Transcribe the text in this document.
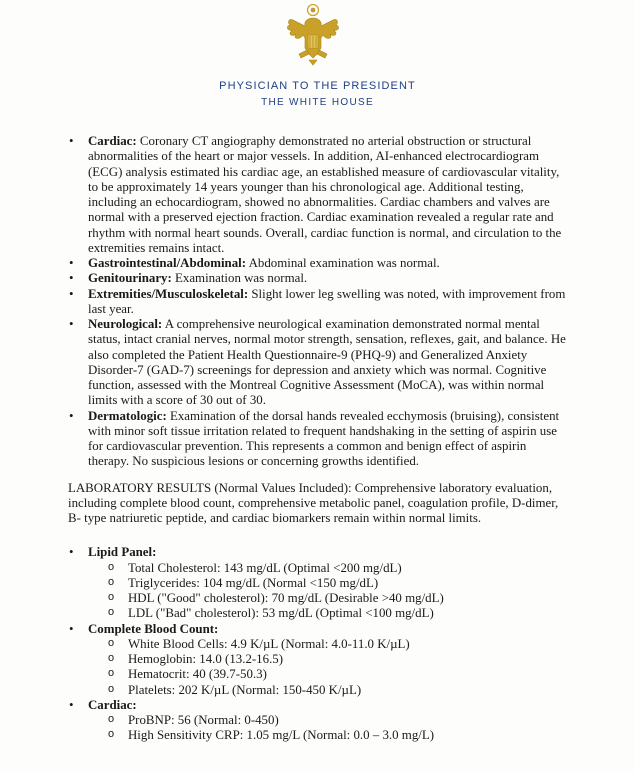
PHYSICIAN TO THE PRESIDENT
THE WHITE HOUSE
• Cardiac: Coronary CT angiography demonstrated no arterial obstruction or structural abnormalities of the heart or major vessels. In addition, AI-enhanced electrocardiogram (ECG) analysis estimated his cardiac age, an established measure of cardiovascular vitality, to be approximately 14 years younger than his chronological age. Additional testing, including an echocardiogram, showed no abnormalities. Cardiac chambers and valves are normal with a preserved ejection fraction. Cardiac examination revealed a regular rate and rhythm with normal heart sounds. Overall, cardiac function is normal, and circulation to the extremities remains intact.
• Gastrointestinal/Abdominal: Abdominal examination was normal.
• Genitourinary: Examination was normal.
• Extremities/Musculoskeletal: Slight lower leg swelling was noted, with improvement from last year.
• Neurological: A comprehensive neurological examination demonstrated normal mental status, intact cranial nerves, normal motor strength, sensation, reflexes, gait, and balance. He also completed the Patient Health Questionnaire-9 (PHQ-9) and Generalized Anxiety Disorder-7 (GAD-7) screenings for depression and anxiety which was normal. Cognitive function, assessed with the Montreal Cognitive Assessment (MoCA), was within normal limits with a score of 30 out of 30.
• Dermatologic: Examination of the dorsal hands revealed ecchymosis (bruising), consistent with minor soft tissue irritation related to frequent handshaking in the setting of aspirin use for cardiovascular prevention. This represents a common and benign effect of aspirin therapy. No suspicious lesions or concerning growths identified.

LABORATORY RESULTS (Normal Values Included): Comprehensive laboratory evaluation, including complete blood count, comprehensive metabolic panel, coagulation profile, D-dimer, B- type natriuretic peptide, and cardiac biomarkers remain within normal limits.

• Lipid Panel:
o Total Cholesterol: 143 mg/dL (Optimal <200 mg/dL)
o Triglycerides: 104 mg/dL (Normal <150 mg/dL)
o HDL ("Good" cholesterol): 70 mg/dL (Desirable >40 mg/dL)
o LDL ("Bad" cholesterol): 53 mg/dL (Optimal <100 mg/dL)
• Complete Blood Count:
o White Blood Cells: 4.9 K/µL (Normal: 4.0-11.0 K/µL)
o Hemoglobin: 14.0 (13.2-16.5)
o Hematocrit: 40 (39.7-50.3)
o Platelets: 202 K/µL (Normal: 150-450 K/µL)
• Cardiac:
o ProBNP: 56 (Normal: 0-450)
o High Sensitivity CRP: 1.05 mg/L (Normal: 0.0 – 3.0 mg/L)
